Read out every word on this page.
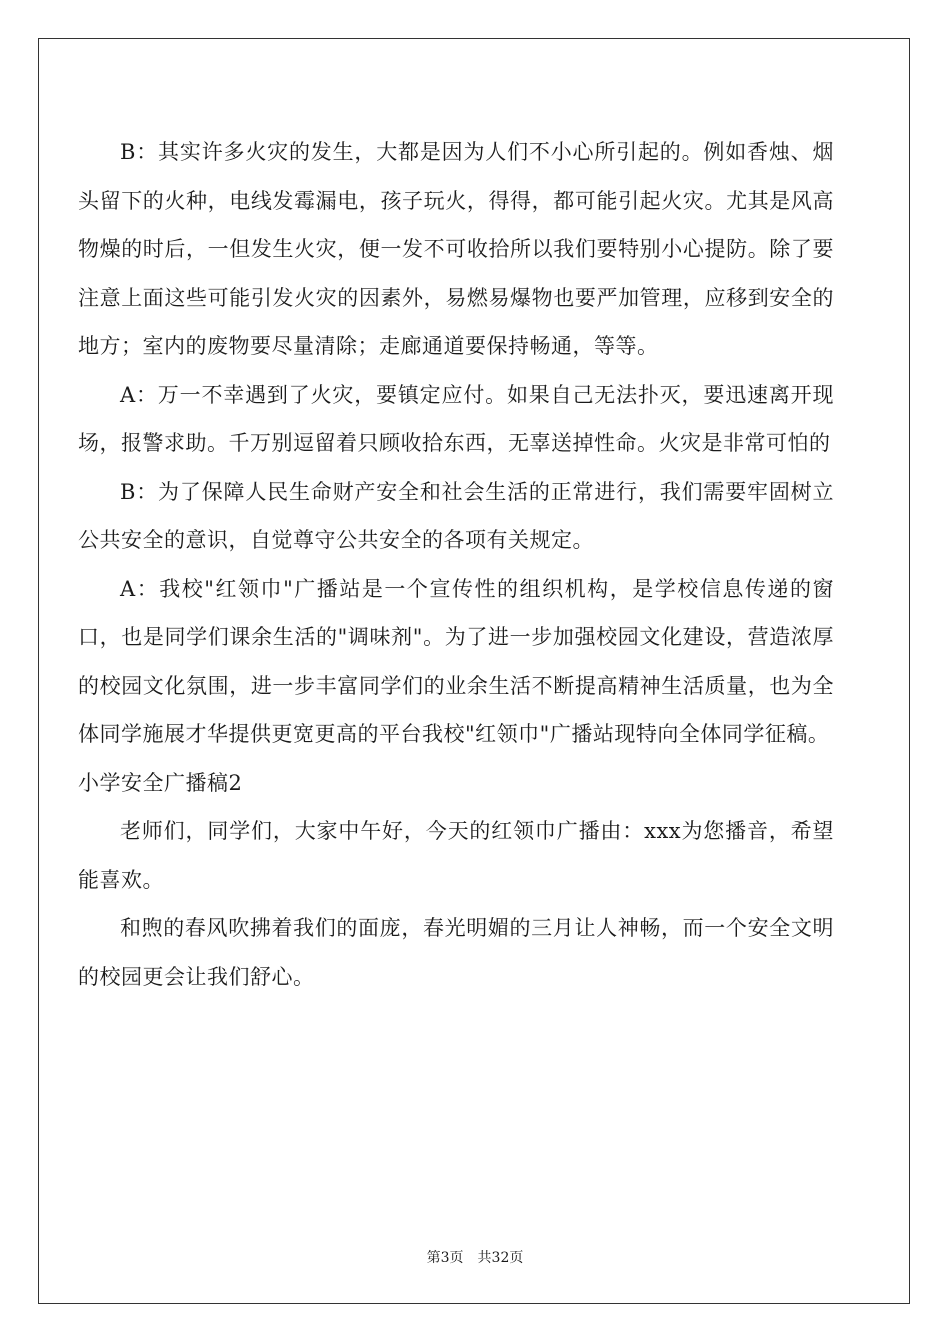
B：其实许多火灾的发生，大都是因为人们不小心所引起的。例如香烛、烟头留下的火种，电线发霉漏电，孩子玩火，得得，都可能引起火灾。尤其是风高物燥的时后，一但发生火灾，便一发不可收拾所以我们要特别小心提防。除了要注意上面这些可能引发火灾的因素外，易燃易爆物也要严加管理，应移到安全的地方；室内的废物要尽量清除；走廊通道要保持畅通，等等。

A：万一不幸遇到了火灾，要镇定应付。如果自己无法扑灭，要迅速离开现场，报警求助。千万别逗留着只顾收拾东西，无辜送掉性命。火灾是非常可怕的

B：为了保障人民生命财产安全和社会生活的正常进行，我们需要牢固树立公共安全的意识，自觉尊守公共安全的各项有关规定。

A：我校"红领巾"广播站是一个宣传性的组织机构，是学校信息传递的窗口，也是同学们课余生活的"调味剂"。为了进一步加强校园文化建设，营造浓厚的校园文化氛围，进一步丰富同学们的业余生活不断提高精神生活质量，也为全体同学施展才华提供更宽更高的平台我校"红领巾"广播站现特向全体同学征稿。

小学安全广播稿2

老师们，同学们，大家中午好，今天的红领巾广播由：xxx为您播音，希望能喜欢。

和煦的春风吹拂着我们的面庞，春光明媚的三月让人神畅，而一个安全文明的校园更会让我们舒心。

第3页 共32页
